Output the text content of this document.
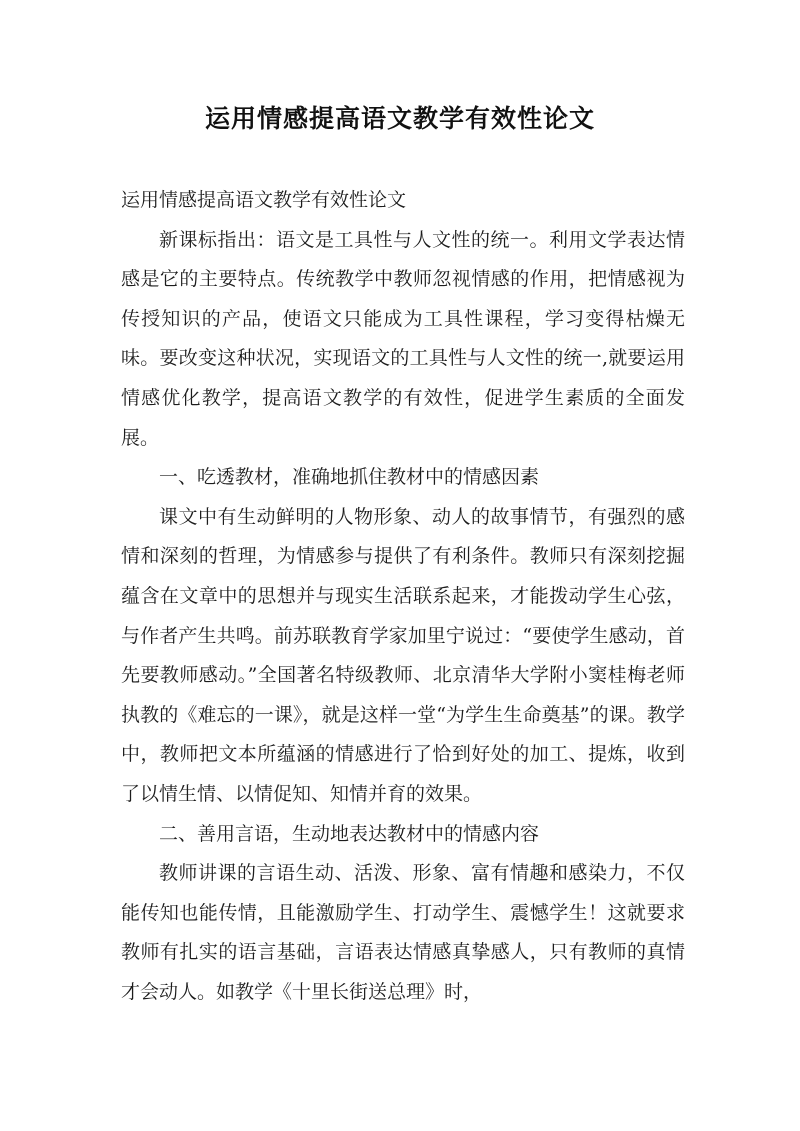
运用情感提高语文教学有效性论文

运用情感提高语文教学有效性论文

新课标指出：语文是工具性与人文性的统一。利用文学表达情感是它的主要特点。传统教学中教师忽视情感的作用，把情感视为传授知识的产品，使语文只能成为工具性课程，学习变得枯燥无味。要改变这种状况，实现语文的工具性与人文性的统一,就要运用情感优化教学，提高语文教学的有效性，促进学生素质的全面发展。

一、吃透教材，准确地抓住教材中的情感因素

课文中有生动鲜明的人物形象、动人的故事情节，有强烈的感情和深刻的哲理，为情感参与提供了有利条件。教师只有深刻挖掘蕴含在文章中的思想并与现实生活联系起来，才能拨动学生心弦，与作者产生共鸣。前苏联教育学家加里宁说过：“要使学生感动，首先要教师感动。”全国著名特级教师、北京清华大学附小窦桂梅老师执教的《难忘的一课》，就是这样一堂“为学生生命奠基”的课。教学中，教师把文本所蕴涵的情感进行了恰到好处的加工、提炼，收到了以情生情、以情促知、知情并育的效果。

二、善用言语，生动地表达教材中的情感内容

教师讲课的言语生动、活泼、形象、富有情趣和感染力，不仅能传知也能传情，且能激励学生、打动学生、震憾学生！这就要求教师有扎实的语言基础，言语表达情感真挚感人，只有教师的真情才会动人。如教学《十里长街送总理》时，
